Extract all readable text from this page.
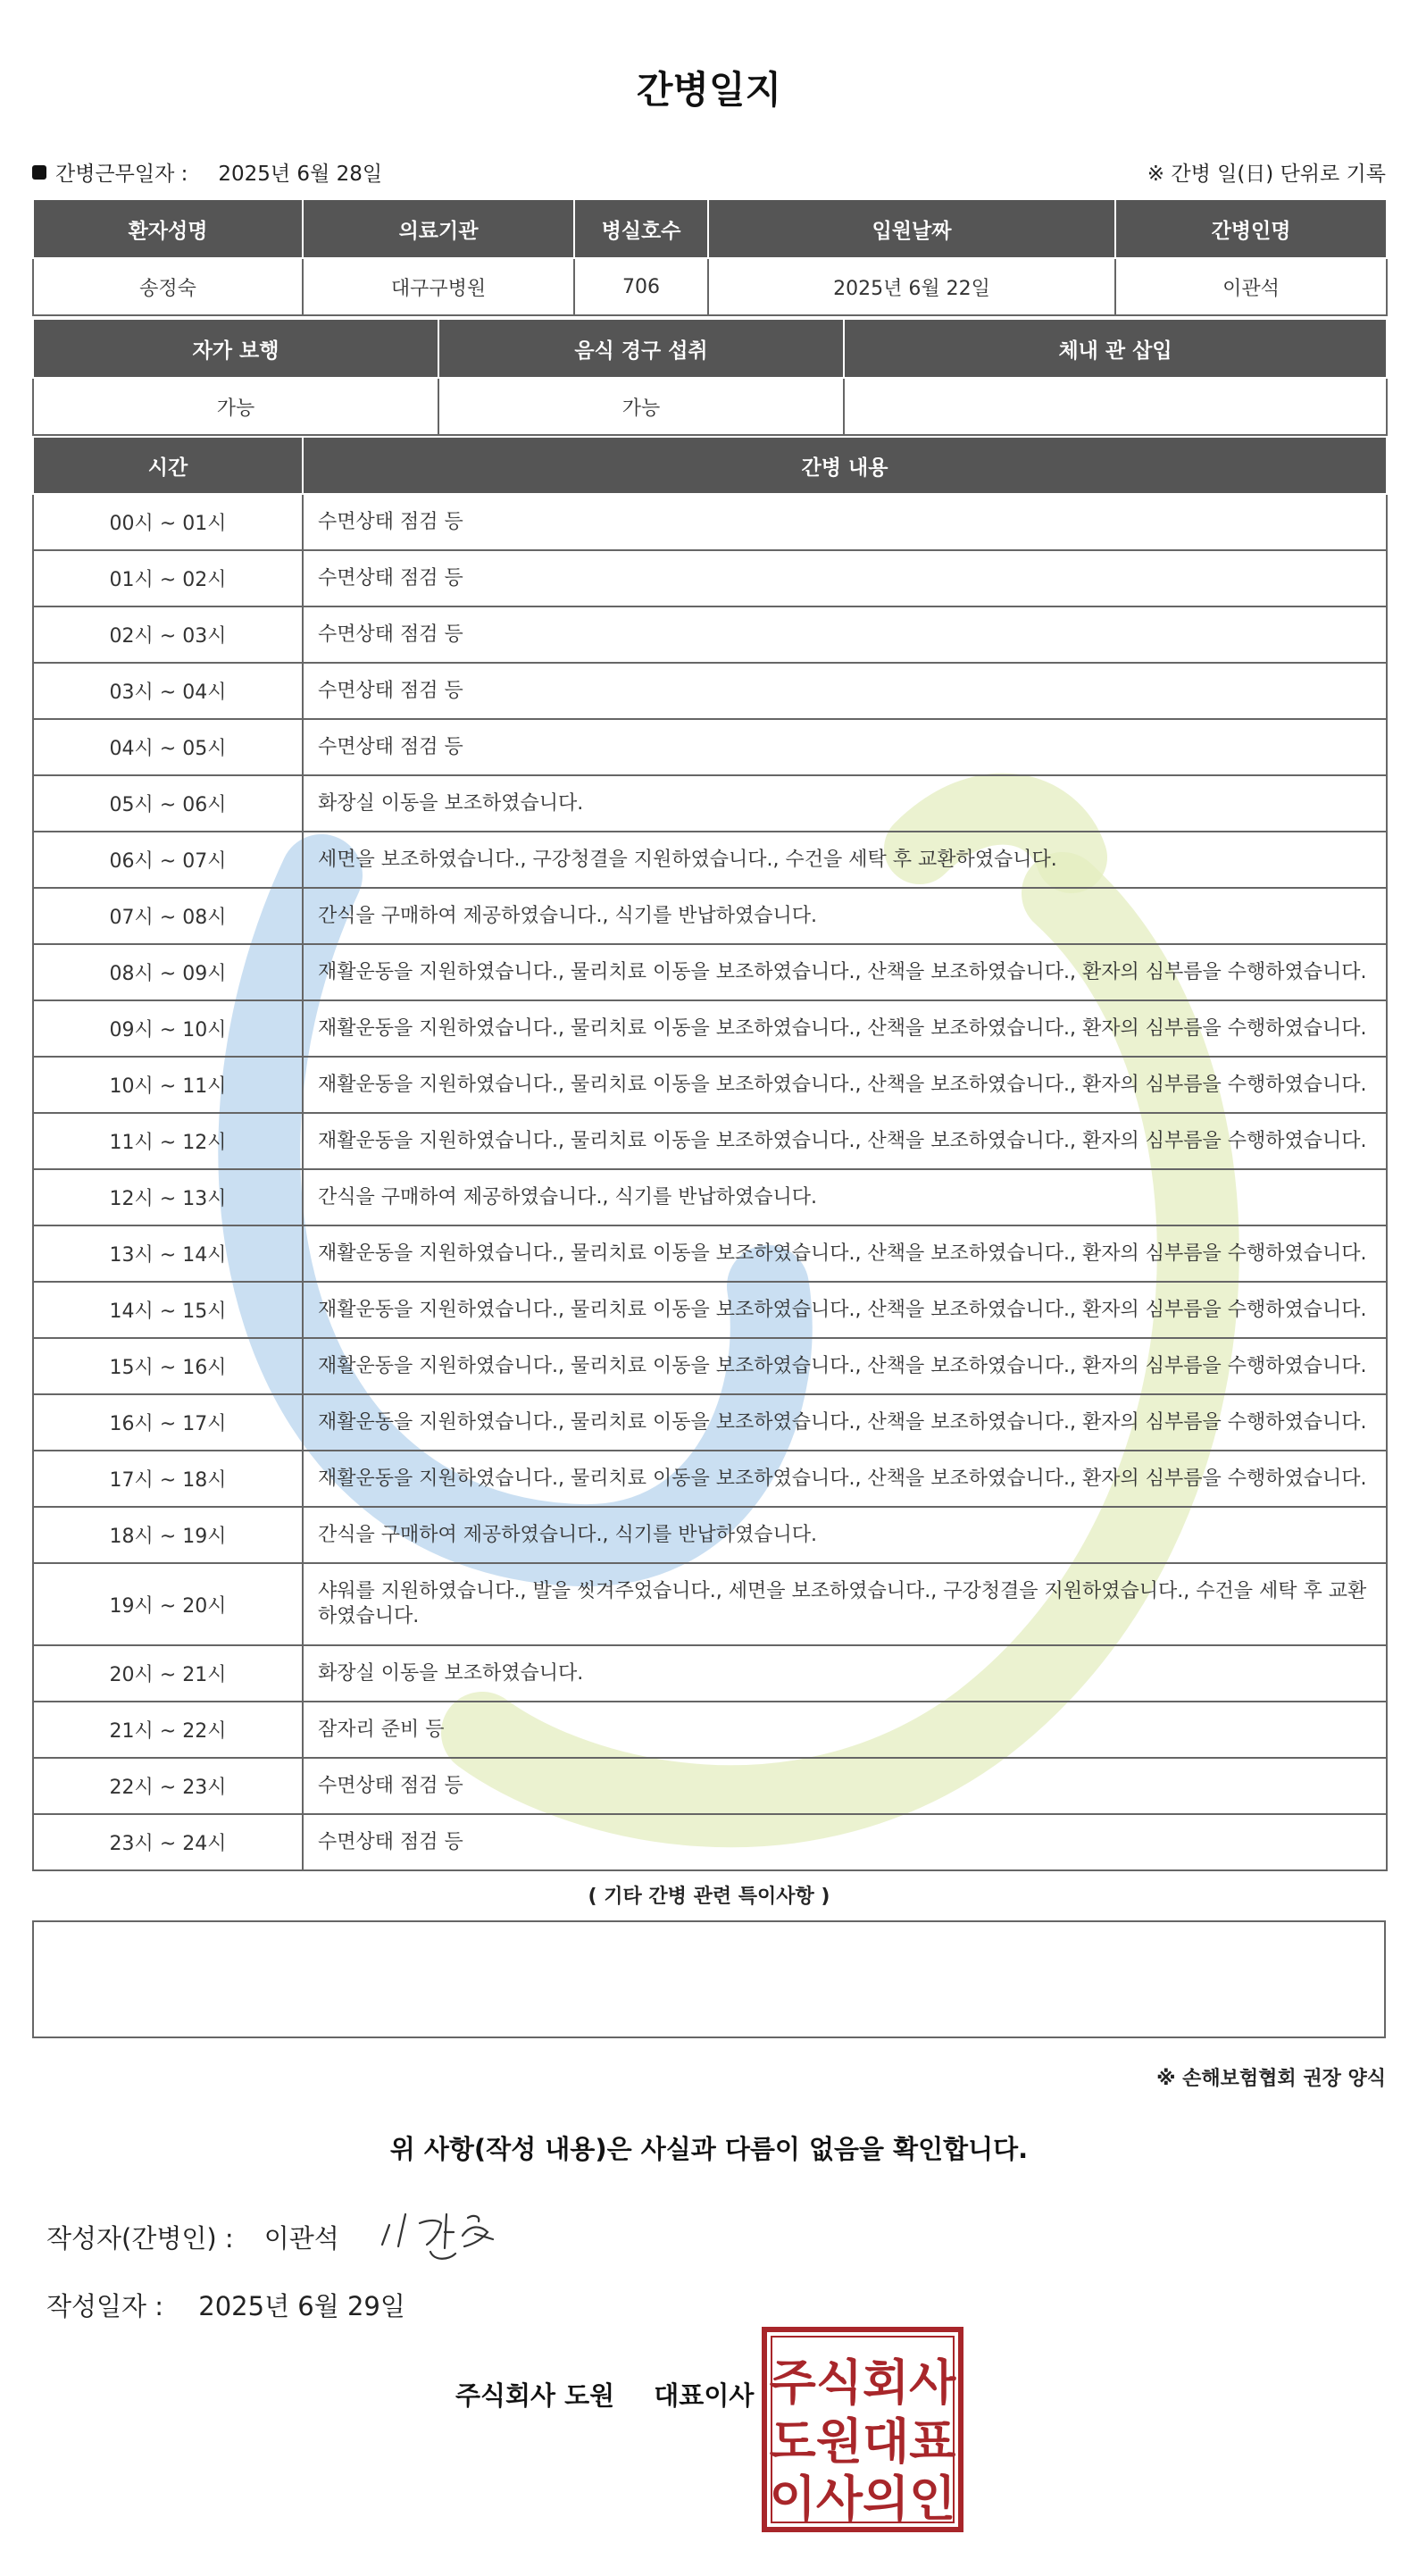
간병일지
간병근무일자 : 2025년 6월 28일	※ 간병 일(日) 단위로 기록
환자성명	의료기관	병실호수	입원날짜	간병인명
송정숙	대구구병원	706	2025년 6월 22일	이관석
자가 보행	음식 경구 섭취	체내 관 삽입
가능	가능	
시간	간병 내용
00시 ~ 01시	수면상태 점검 등
01시 ~ 02시	수면상태 점검 등
02시 ~ 03시	수면상태 점검 등
03시 ~ 04시	수면상태 점검 등
04시 ~ 05시	수면상태 점검 등
05시 ~ 06시	화장실 이동을 보조하였습니다.
06시 ~ 07시	세면을 보조하였습니다., 구강청결을 지원하였습니다., 수건을 세탁 후 교환하였습니다.
07시 ~ 08시	간식을 구매하여 제공하였습니다., 식기를 반납하였습니다.
08시 ~ 09시	재활운동을 지원하였습니다., 물리치료 이동을 보조하였습니다., 산책을 보조하였습니다., 환자의 심부름을 수행하였습니다.
09시 ~ 10시	재활운동을 지원하였습니다., 물리치료 이동을 보조하였습니다., 산책을 보조하였습니다., 환자의 심부름을 수행하였습니다.
10시 ~ 11시	재활운동을 지원하였습니다., 물리치료 이동을 보조하였습니다., 산책을 보조하였습니다., 환자의 심부름을 수행하였습니다.
11시 ~ 12시	재활운동을 지원하였습니다., 물리치료 이동을 보조하였습니다., 산책을 보조하였습니다., 환자의 심부름을 수행하였습니다.
12시 ~ 13시	간식을 구매하여 제공하였습니다., 식기를 반납하였습니다.
13시 ~ 14시	재활운동을 지원하였습니다., 물리치료 이동을 보조하였습니다., 산책을 보조하였습니다., 환자의 심부름을 수행하였습니다.
14시 ~ 15시	재활운동을 지원하였습니다., 물리치료 이동을 보조하였습니다., 산책을 보조하였습니다., 환자의 심부름을 수행하였습니다.
15시 ~ 16시	재활운동을 지원하였습니다., 물리치료 이동을 보조하였습니다., 산책을 보조하였습니다., 환자의 심부름을 수행하였습니다.
16시 ~ 17시	재활운동을 지원하였습니다., 물리치료 이동을 보조하였습니다., 산책을 보조하였습니다., 환자의 심부름을 수행하였습니다.
17시 ~ 18시	재활운동을 지원하였습니다., 물리치료 이동을 보조하였습니다., 산책을 보조하였습니다., 환자의 심부름을 수행하였습니다.
18시 ~ 19시	간식을 구매하여 제공하였습니다., 식기를 반납하였습니다.
19시 ~ 20시	샤워를 지원하였습니다., 발을 씻겨주었습니다., 세면을 보조하였습니다., 구강청결을 지원하였습니다., 수건을 세탁 후 교환하였습니다.
20시 ~ 21시	화장실 이동을 보조하였습니다.
21시 ~ 22시	잠자리 준비 등
22시 ~ 23시	수면상태 점검 등
23시 ~ 24시	수면상태 점검 등
( 기타 간병 관련 특이사항 )
※ 손해보험협회 권장 양식
위 사항(작성 내용)은 사실과 다름이 없음을 확인합니다.
작성자(간병인) : 이관석
작성일자 : 2025년 6월 29일
주식회사 도원 대표이사 주식회사
도원대표
이사의인
